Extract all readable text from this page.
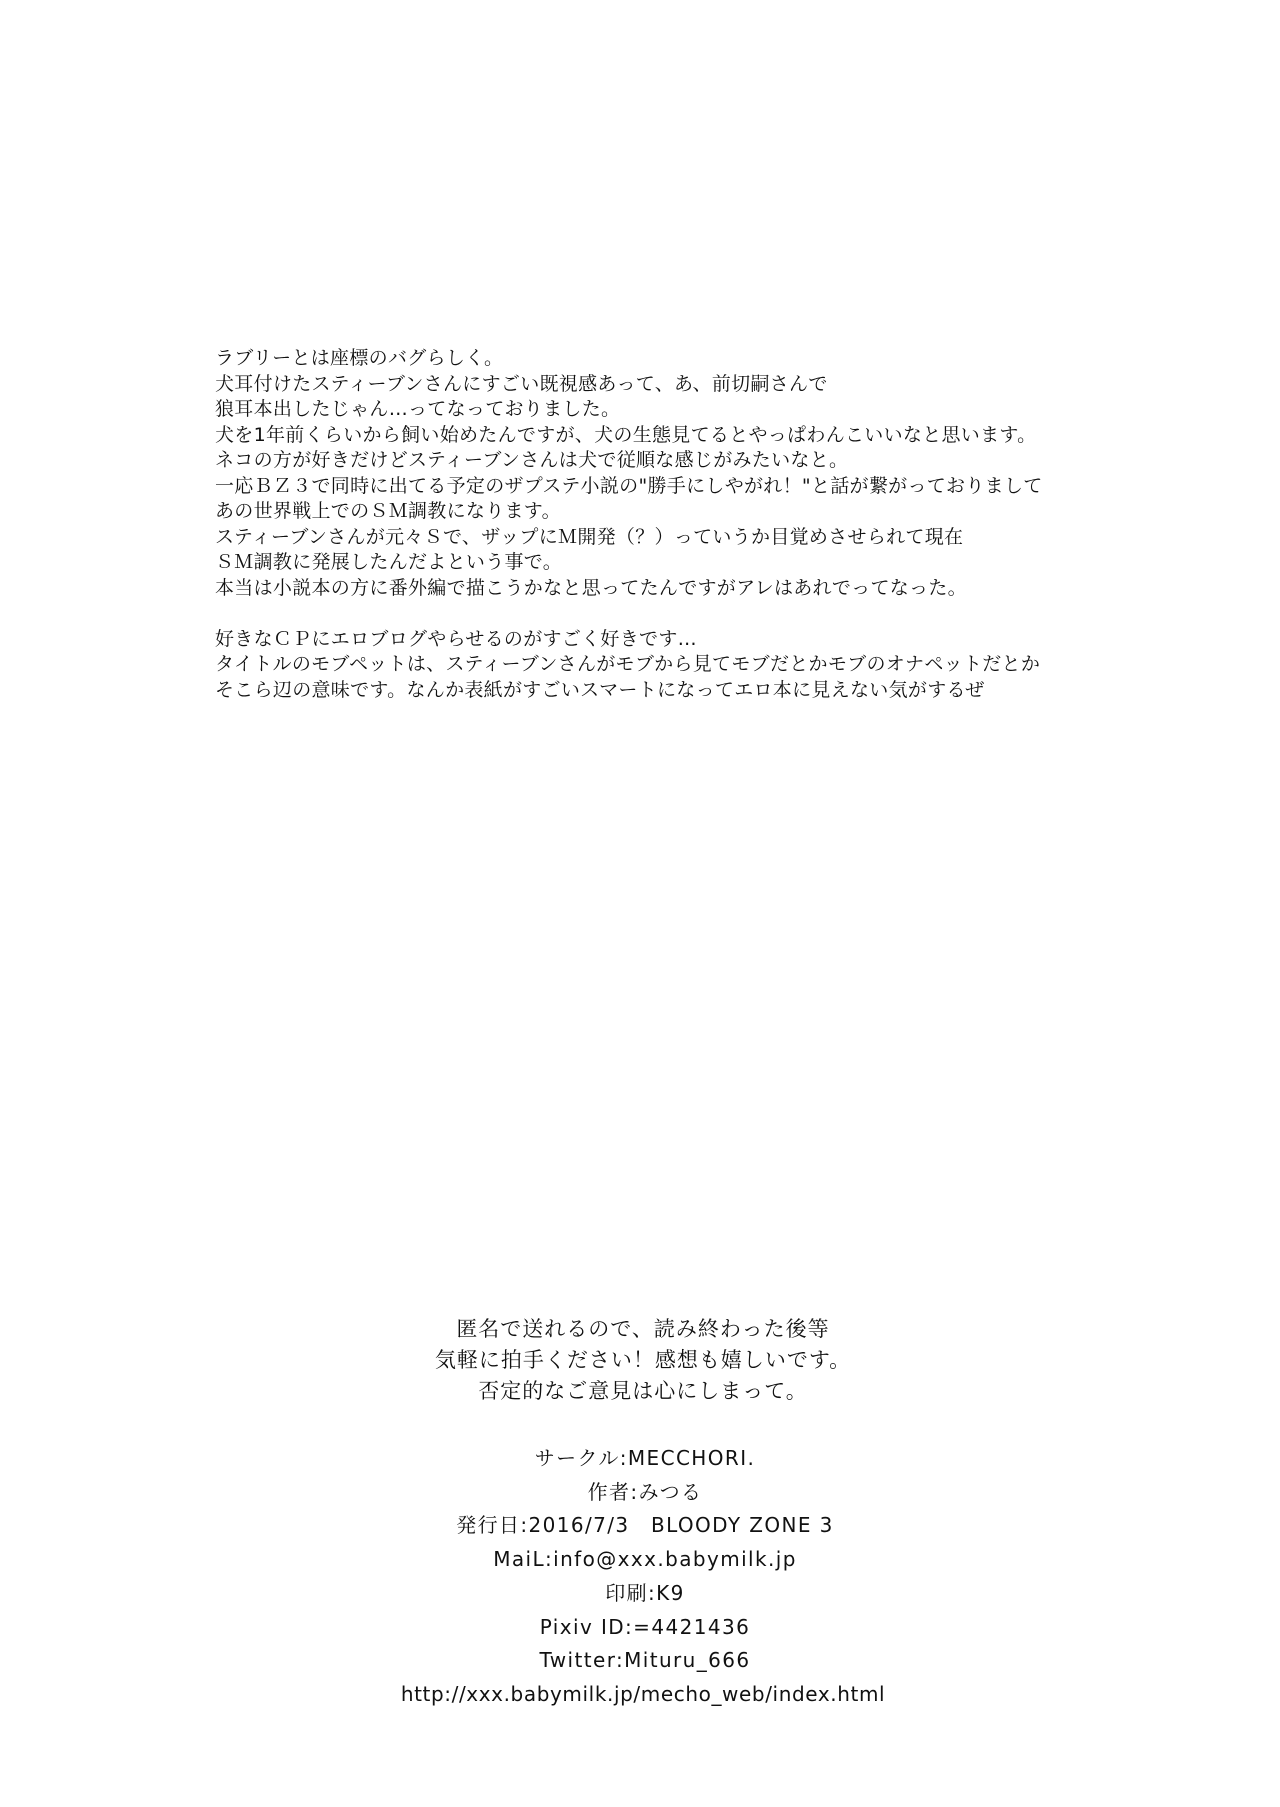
ラブリーとは座標のバグらしく。
犬耳付けたスティーブンさんにすごい既視感あって、あ、前切嗣さんで
狼耳本出したじゃん…ってなっておりました。
犬を1年前くらいから飼い始めたんですが、犬の生態見てるとやっぱわんこいいなと思います。
ネコの方が好きだけどスティーブンさんは犬で従順な感じがみたいなと。
一応ＢＺ３で同時に出てる予定のザプステ小説の"勝手にしやがれ！"と話が繋がっておりまして
あの世界戦上でのＳＭ調教になります。
スティーブンさんが元々Ｓで、ザップにＭ開発（？）っていうか目覚めさせられて現在
ＳＭ調教に発展したんだよという事で。
本当は小説本の方に番外編で描こうかなと思ってたんですがアレはあれでってなった。
好きなＣＰにエロブログやらせるのがすごく好きです…
タイトルのモブペットは、スティーブンさんがモブから見てモブだとかモブのオナペットだとか
そこら辺の意味です。なんか表紙がすごいスマートになってエロ本に見えない気がするぜ
匿名で送れるので、読み終わった後等
気軽に拍手ください！感想も嬉しいです。
否定的なご意見は心にしまって。
サークル:MECCHORI.
作者:みつる
発行日:2016/7/3　BLOODY ZONE 3
MaiL:info@xxx.babymilk.jp
印刷:K9
Pixiv ID:=4421436
Twitter:Mituru_666
http://xxx.babymilk.jp/mecho_web/index.html
